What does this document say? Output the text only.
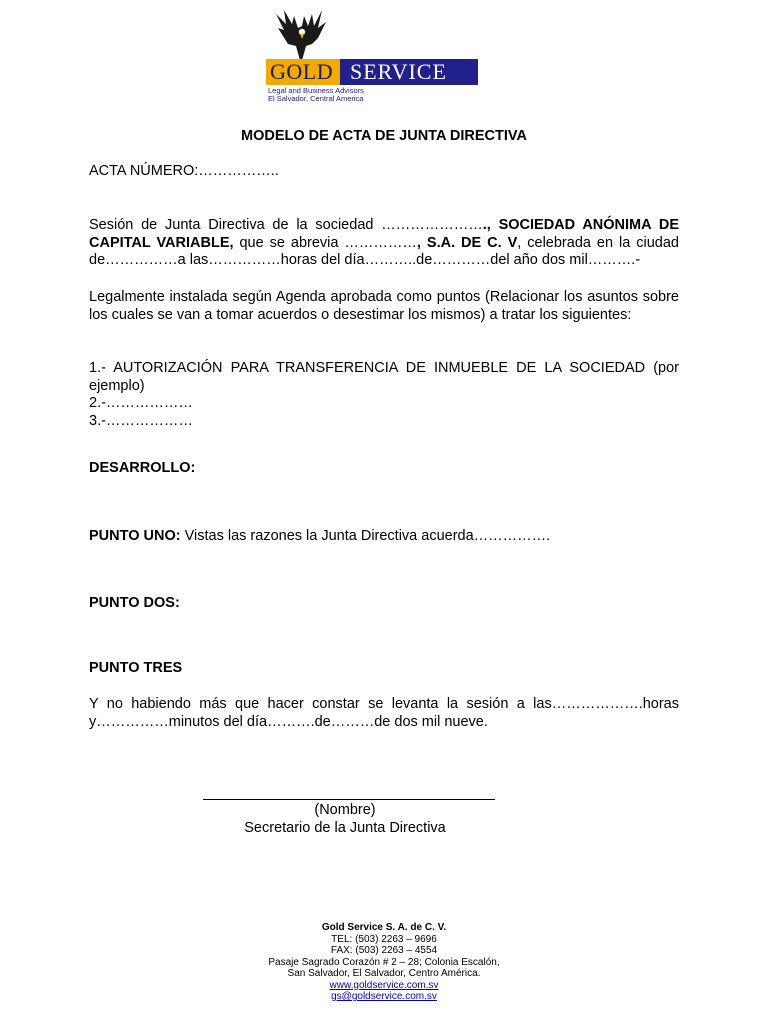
GOLD SERVICE
Legal and Business Advisors
El Salvador, Central America
MODELO DE ACTA DE JUNTA DIRECTIVA

ACTA NÚMERO:……………..

Sesión de Junta Directiva de la sociedad …………………., SOCIEDAD ANÓNIMA DE CAPITAL VARIABLE, que se abrevia ……………, S.A. DE C. V, celebrada en la ciudad de……………a las……………horas del día………..de…………del año dos mil……….-

Legalmente instalada según Agenda aprobada como puntos (Relacionar los asuntos sobre los cuales se van a tomar acuerdos o desestimar los mismos) a tratar los siguientes:

1.- AUTORIZACIÓN PARA TRANSFERENCIA DE INMUEBLE DE LA SOCIEDAD (por ejemplo)

2.-………………

3.-………………

DESARROLLO:

PUNTO UNO: Vistas las razones la Junta Directiva acuerda…………….

PUNTO DOS:

PUNTO TRES

Y no habiendo más que hacer constar se levanta la sesión a las……………….horas y……………minutos del día……….de………de dos mil nueve.

(Nombre)
Secretario de la Junta Directiva
Gold Service S. A. de C. V.
TEL: (503) 2263 – 9696
FAX: (503) 2263 – 4554
Pasaje Sagrado Corazón # 2 – 28; Colonia Escalón,
San Salvador, El Salvador, Centro América.
www.goldservice.com.sv
gs@goldservice.com.sv
